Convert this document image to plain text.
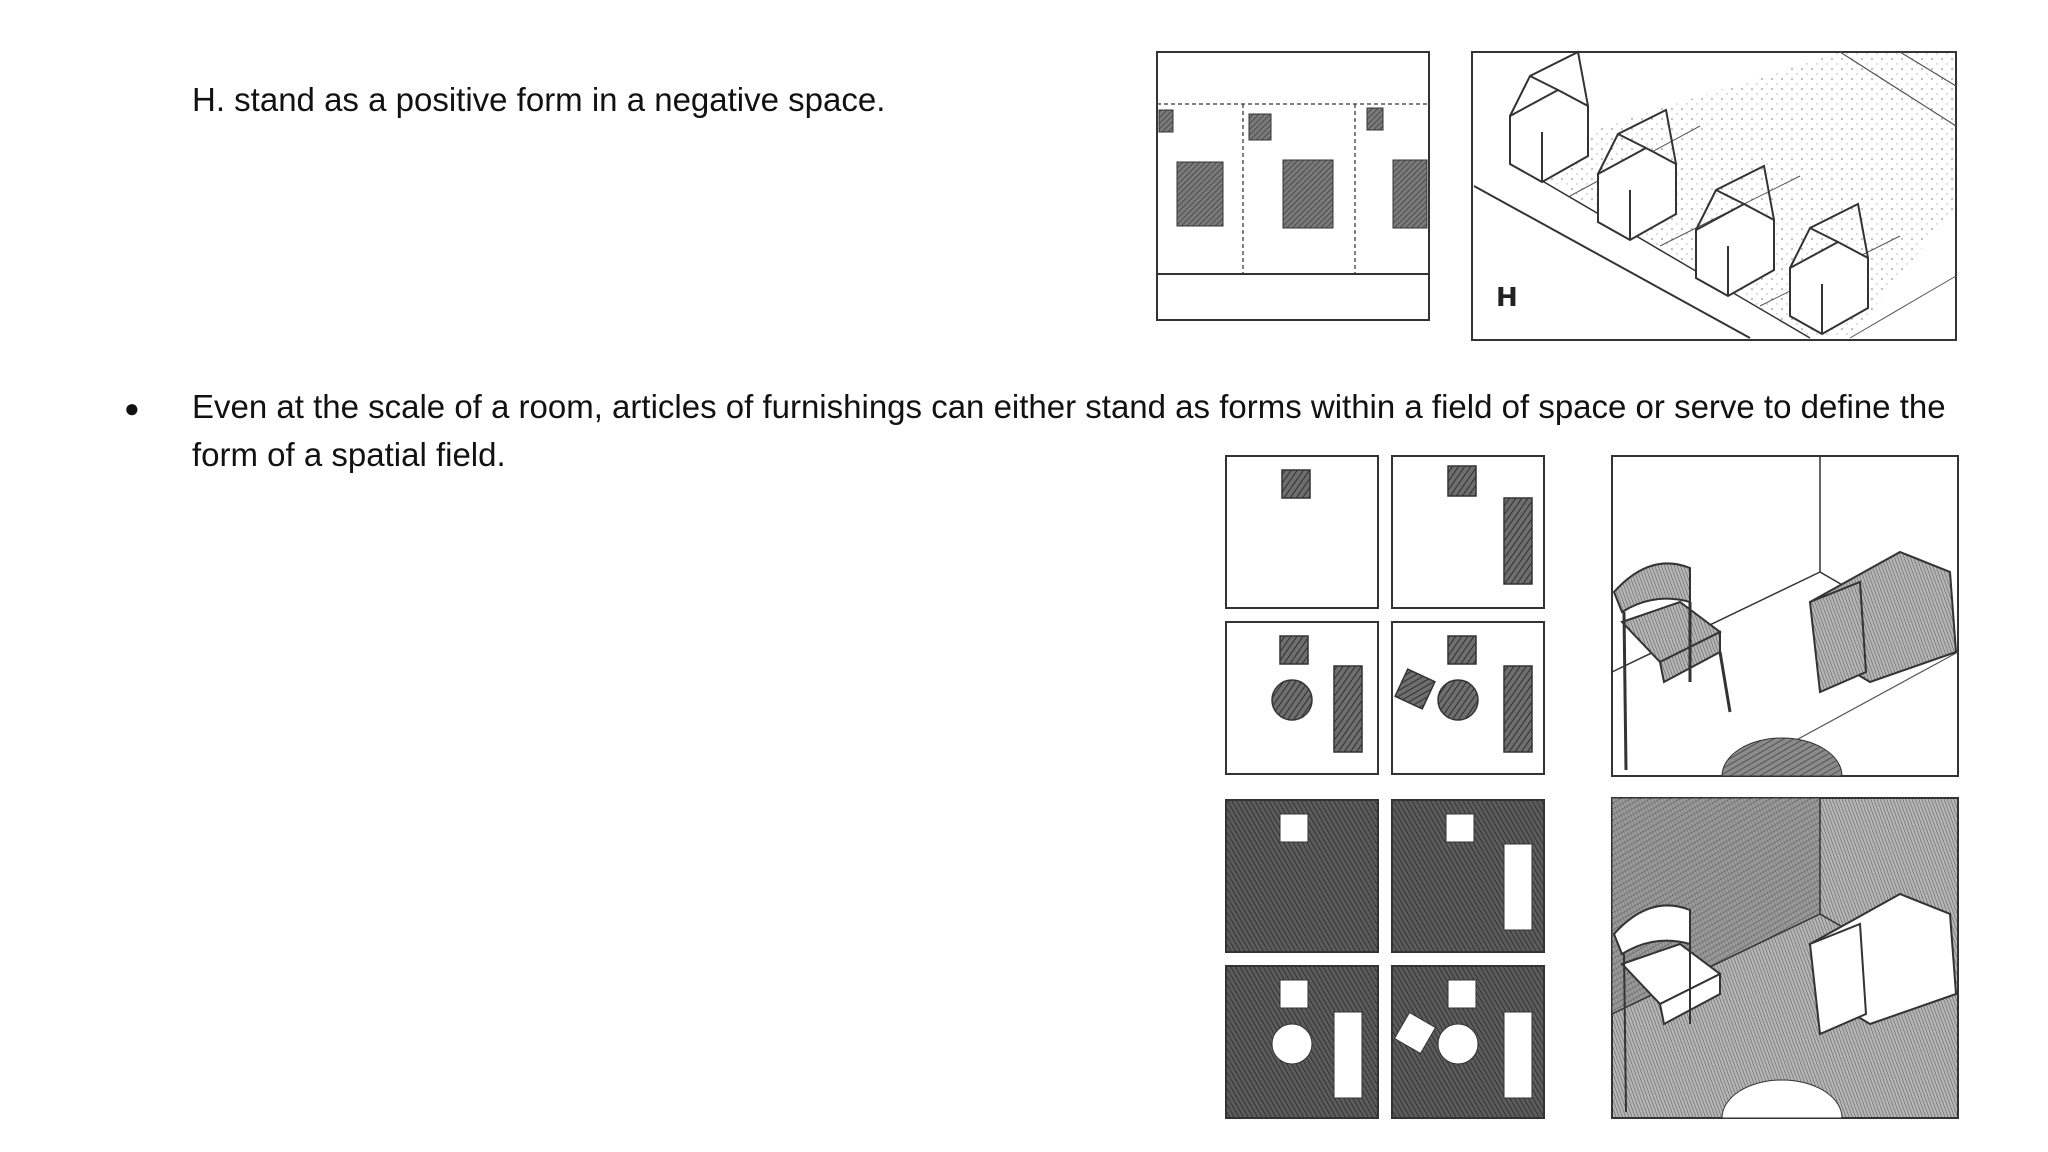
H. stand as a positive form in a negative space.

● Even at the scale of a room, articles of furnishings can either stand as forms within a field of space or serve to define the form of a spatial field.

H
